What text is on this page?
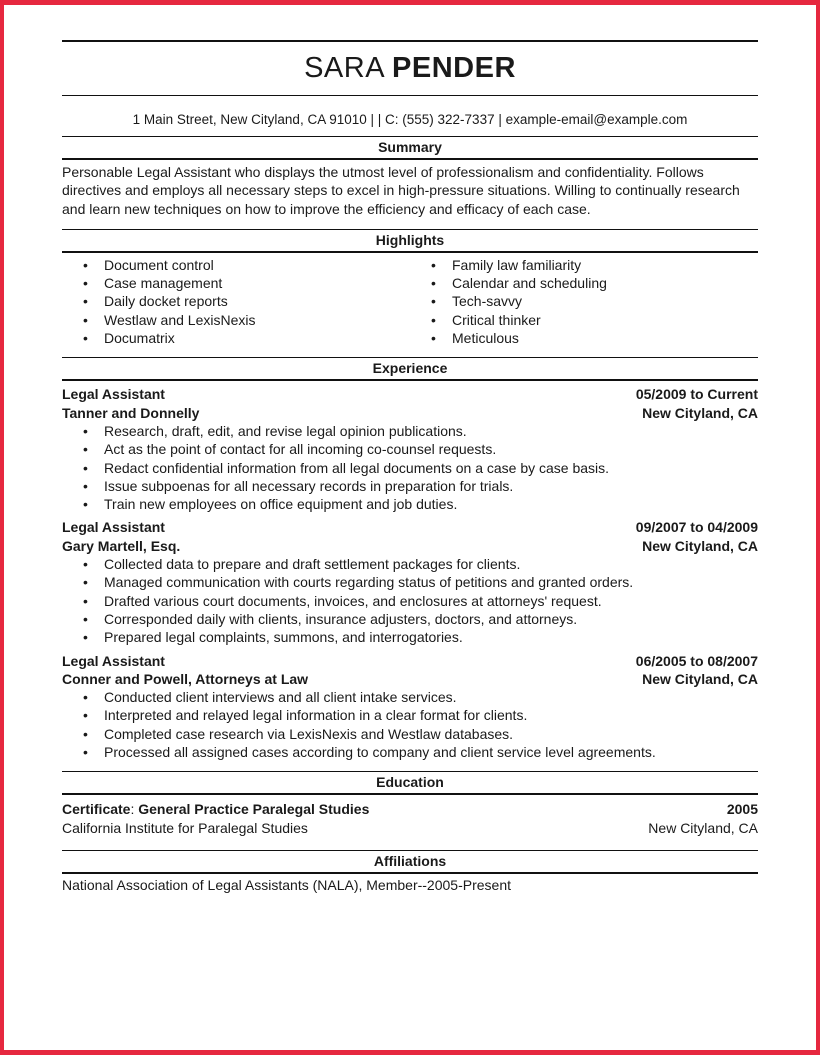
SARA PENDER
1 Main Street, New Cityland, CA 91010 | | C: (555) 322-7337 | example-email@example.com
Summary
Personable Legal Assistant who displays the utmost level of professionalism and confidentiality. Follows directives and employs all necessary steps to excel in high-pressure situations. Willing to continually research and learn new techniques on how to improve the efficiency and efficacy of each case.
Highlights
• Document control
• Case management
• Daily docket reports
• Westlaw and LexisNexis
• Documatrix
• Family law familiarity
• Calendar and scheduling
• Tech-savvy
• Critical thinker
• Meticulous
Experience
Legal Assistant	05/2009 to Current
Tanner and Donnelly	New Cityland, CA
• Research, draft, edit, and revise legal opinion publications.
• Act as the point of contact for all incoming co-counsel requests.
• Redact confidential information from all legal documents on a case by case basis.
• Issue subpoenas for all necessary records in preparation for trials.
• Train new employees on office equipment and job duties.
Legal Assistant	09/2007 to 04/2009
Gary Martell, Esq.	New Cityland, CA
• Collected data to prepare and draft settlement packages for clients.
• Managed communication with courts regarding status of petitions and granted orders.
• Drafted various court documents, invoices, and enclosures at attorneys' request.
• Corresponded daily with clients, insurance adjusters, doctors, and attorneys.
• Prepared legal complaints, summons, and interrogatories.
Legal Assistant	06/2005 to 08/2007
Conner and Powell, Attorneys at Law	New Cityland, CA
• Conducted client interviews and all client intake services.
• Interpreted and relayed legal information in a clear format for clients.
• Completed case research via LexisNexis and Westlaw databases.
• Processed all assigned cases according to company and client service level agreements.
Education
Certificate: General Practice Paralegal Studies	2005
California Institute for Paralegal Studies	New Cityland, CA
Affiliations
National Association of Legal Assistants (NALA), Member--2005-Present
